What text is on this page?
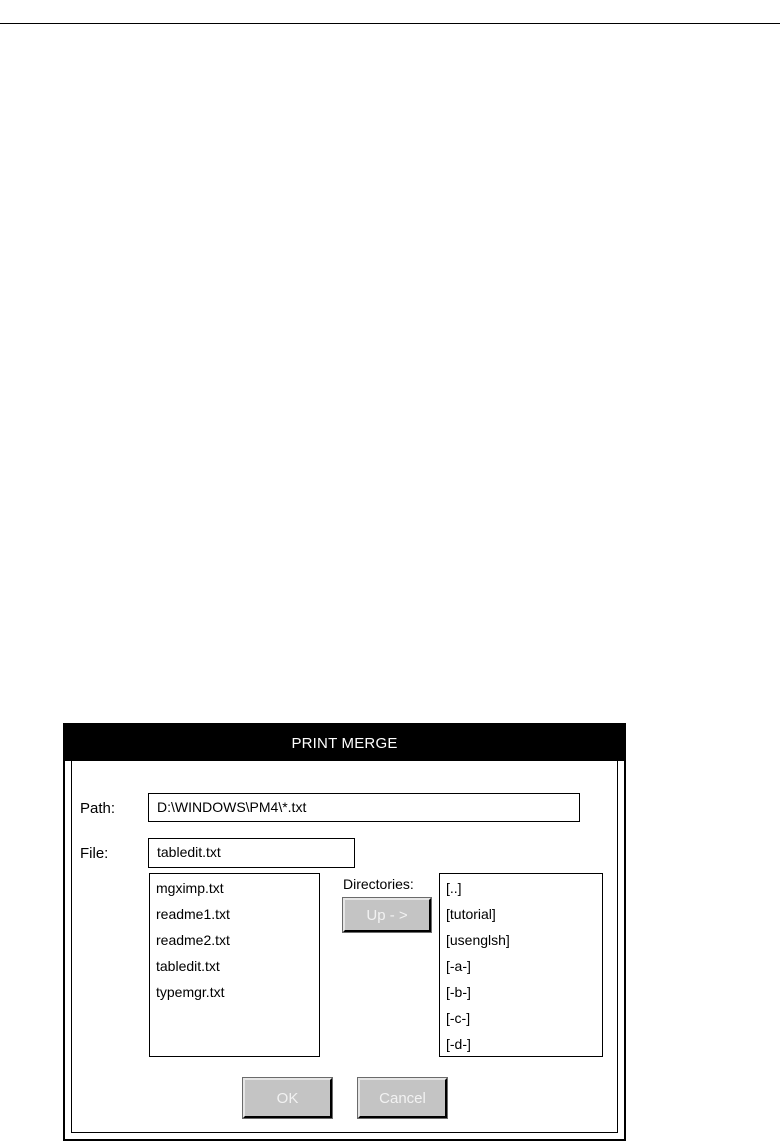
PRINT MERGE
Path:	D:\WINDOWS\PM4\*.txt
File:	tabledit.txt
mgximp.txt
readme1.txt
readme2.txt
tabledit.txt
typemgr.txt
Directories:
Up - >
[..]
[tutorial]
[usenglsh]
[-a-]
[-b-]
[-c-]
[-d-]
OK	Cancel
